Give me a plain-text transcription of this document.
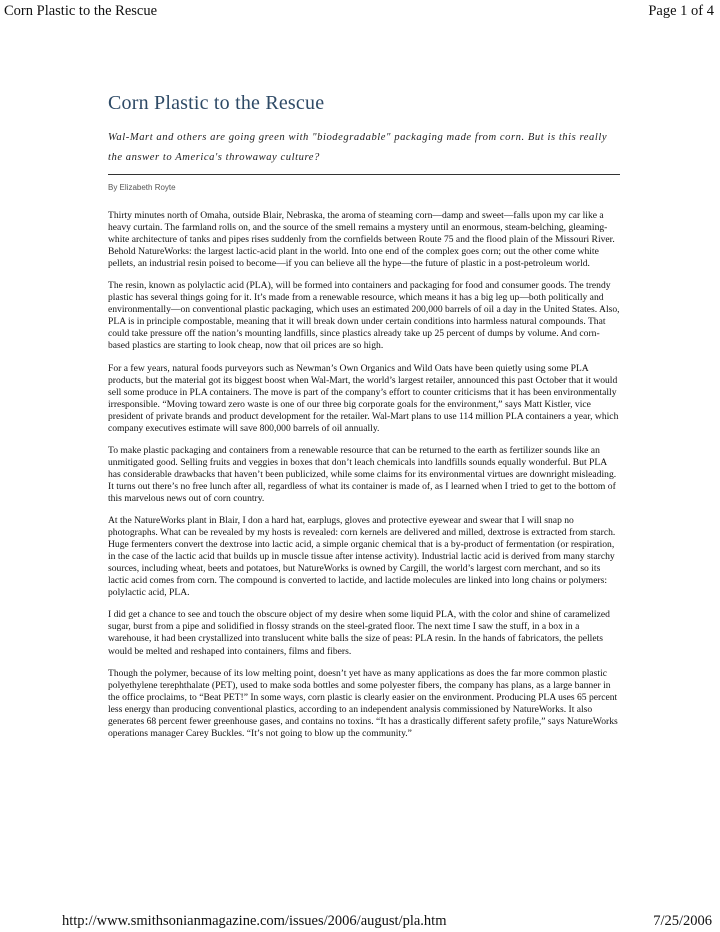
Corn Plastic to the Rescue	Page 1 of 4
Corn Plastic to the Rescue
Wal-Mart and others are going green with "biodegradable" packaging made from corn. But is this really the answer to America's throwaway culture?
By Elizabeth Royte

Thirty minutes north of Omaha, outside Blair, Nebraska, the aroma of steaming corn—damp and sweet—falls upon my car like a heavy curtain. The farmland rolls on, and the source of the smell remains a mystery until an enormous, steam-belching, gleaming-white architecture of tanks and pipes rises suddenly from the cornfields between Route 75 and the flood plain of the Missouri River. Behold NatureWorks: the largest lactic-acid plant in the world. Into one end of the complex goes corn; out the other come white pellets, an industrial resin poised to become—if you can believe all the hype—the future of plastic in a post-petroleum world.

The resin, known as polylactic acid (PLA), will be formed into containers and packaging for food and consumer goods. The trendy plastic has several things going for it. It’s made from a renewable resource, which means it has a big leg up—both politically and environmentally—on conventional plastic packaging, which uses an estimated 200,000 barrels of oil a day in the United States. Also, PLA is in principle compostable, meaning that it will break down under certain conditions into harmless natural compounds. That could take pressure off the nation’s mounting landfills, since plastics already take up 25 percent of dumps by volume. And corn-based plastics are starting to look cheap, now that oil prices are so high.

For a few years, natural foods purveyors such as Newman’s Own Organics and Wild Oats have been quietly using some PLA products, but the material got its biggest boost when Wal-Mart, the world’s largest retailer, announced this past October that it would sell some produce in PLA containers. The move is part of the company’s effort to counter criticisms that it has been environmentally irresponsible. “Moving toward zero waste is one of our three big corporate goals for the environment,” says Matt Kistler, vice president of private brands and product development for the retailer. Wal-Mart plans to use 114 million PLA containers a year, which company executives estimate will save 800,000 barrels of oil annually.

To make plastic packaging and containers from a renewable resource that can be returned to the earth as fertilizer sounds like an unmitigated good. Selling fruits and veggies in boxes that don’t leach chemicals into landfills sounds equally wonderful. But PLA has considerable drawbacks that haven’t been publicized, while some claims for its environmental virtues are downright misleading. It turns out there’s no free lunch after all, regardless of what its container is made of, as I learned when I tried to get to the bottom of this marvelous news out of corn country.

At the NatureWorks plant in Blair, I don a hard hat, earplugs, gloves and protective eyewear and swear that I will snap no photographs. What can be revealed by my hosts is revealed: corn kernels are delivered and milled, dextrose is extracted from starch. Huge fermenters convert the dextrose into lactic acid, a simple organic chemical that is a by-product of fermentation (or respiration, in the case of the lactic acid that builds up in muscle tissue after intense activity). Industrial lactic acid is derived from many starchy sources, including wheat, beets and potatoes, but NatureWorks is owned by Cargill, the world’s largest corn merchant, and so its lactic acid comes from corn. The compound is converted to lactide, and lactide molecules are linked into long chains or polymers: polylactic acid, PLA.

I did get a chance to see and touch the obscure object of my desire when some liquid PLA, with the color and shine of caramelized sugar, burst from a pipe and solidified in flossy strands on the steel-grated floor. The next time I saw the stuff, in a box in a warehouse, it had been crystallized into translucent white balls the size of peas: PLA resin. In the hands of fabricators, the pellets would be melted and reshaped into containers, films and fibers.

Though the polymer, because of its low melting point, doesn’t yet have as many applications as does the far more common plastic polyethylene terephthalate (PET), used to make soda bottles and some polyester fibers, the company has plans, as a large banner in the office proclaims, to “Beat PET!” In some ways, corn plastic is clearly easier on the environment. Producing PLA uses 65 percent less energy than producing conventional plastics, according to an independent analysis commissioned by NatureWorks. It also generates 68 percent fewer greenhouse gases, and contains no toxins. “It has a drastically different safety profile,” says NatureWorks operations manager Carey Buckles. “It’s not going to blow up the community.”

http://www.smithsonianmagazine.com/issues/2006/august/pla.htm	7/25/2006
